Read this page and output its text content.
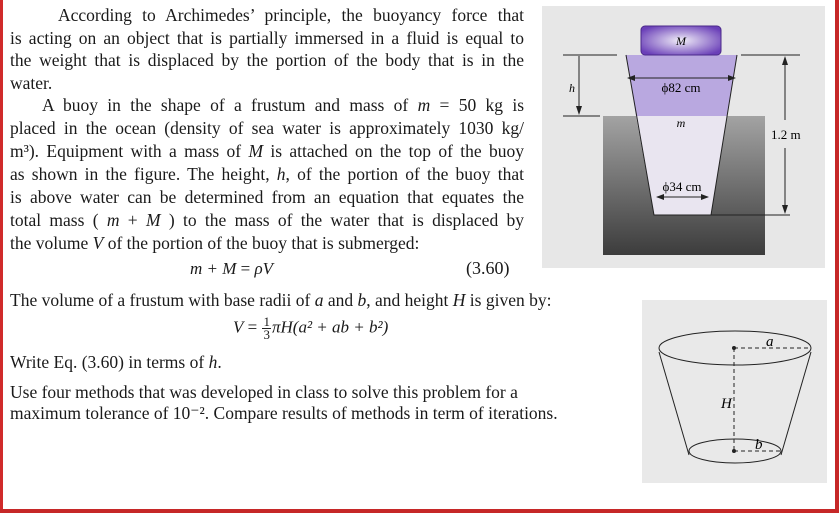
According to Archimedes’ principle, the buoyancy force that
is acting on an object that is partially immersed in a fluid is equal to
the weight that is displaced by the portion of the body that is in the
water.
A buoy in the shape of a frustum and mass of m = 50 kg is
placed in the ocean (density of sea water is approximately 1030 kg/
m³). Equipment with a mass of M is attached on the top of the buoy
as shown in the figure. The height, h, of the portion of the buoy that
is above water can be determined from an equation that equates the
total mass ( m + M ) to the mass of the water that is displaced by
the volume V of the portion of the buoy that is submerged:
The volume of a frustum with base radii of a and b, and height H is given by:
Write Eq. (3.60) in terms of h.
Use four methods that was developed in class to solve this problem for a
maximum tolerance of 10⁻². Compare results of methods in term of iterations.
m + M = ρV	(3.60)
$V = \frac{1}{3} \pi H(a^2$ + ab + b²)
M
ϕ82 cm
m
ϕ34 cm
h
1.2 m
a
H
b
